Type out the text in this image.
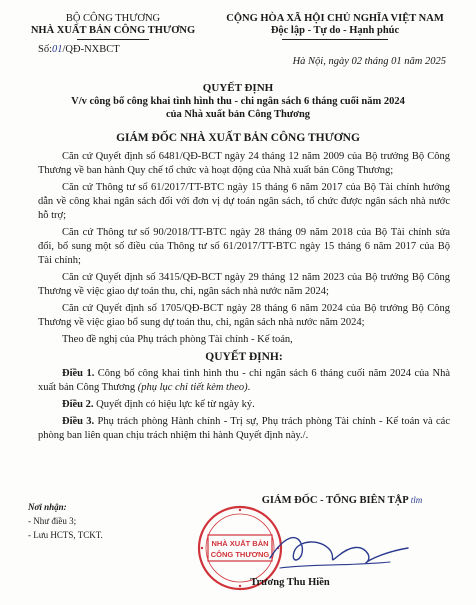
BỘ CÔNG THƯƠNG
NHÀ XUẤT BẢN CÔNG THƯƠNG
CỘNG HÒA XÃ HỘI CHỦ NGHĨA VIỆT NAM
Độc lập - Tự do - Hạnh phúc
Số:01/QĐ-NXBCT
Hà Nội, ngày 02 tháng 01 năm 2025
QUYẾT ĐỊNH
V/v công bố công khai tình hình thu - chi ngân sách 6 tháng cuối năm 2024
của Nhà xuất bản Công Thương
GIÁM ĐỐC NHÀ XUẤT BẢN CÔNG THƯƠNG

Căn cứ Quyết định số 6481/QĐ-BCT ngày 24 tháng 12 năm 2009 của Bộ trưởng Bộ Công Thương về ban hành Quy chế tổ chức và hoạt động của Nhà xuất bản Công Thương;

Căn cứ Thông tư số 61/2017/TT-BTC ngày 15 tháng 6 năm 2017 của Bộ Tài chính hướng dẫn về công khai ngân sách đối với đơn vị dự toán ngân sách, tổ chức được ngân sách nhà nước hỗ trợ;

Căn cứ Thông tư số 90/2018/TT-BTC ngày 28 tháng 09 năm 2018 của Bộ Tài chính sửa đổi, bổ sung một số điều của Thông tư số 61/2017/TT-BTC ngày 15 tháng 6 năm 2017 của Bộ Tài chính;

Căn cứ Quyết định số 3415/QĐ-BCT ngày 29 tháng 12 năm 2023 của Bộ trưởng Bộ Công Thương về việc giao dự toán thu, chi, ngân sách nhà nước năm 2024;

Căn cứ Quyết định số 1705/QĐ-BCT ngày 28 tháng 6 năm 2024 của Bộ trưởng Bộ Công Thương về việc giao bổ sung dự toán thu, chi, ngân sách nhà nước năm 2024;

Theo đề nghị của Phụ trách phòng Tài chính - Kế toán,

QUYẾT ĐỊNH:

Điều 1. Công bố công khai tình hình thu - chi ngân sách 6 tháng cuối năm 2024 của Nhà xuất bản Công Thương (phụ lục chi tiết kèm theo).

Điều 2. Quyết định có hiệu lực kể từ ngày ký.

Điều 3. Phụ trách phòng Hành chính - Trị sự, Phụ trách phòng Tài chính - Kế toán và các phòng ban liên quan chịu trách nhiệm thi hành Quyết định này./.

Nơi nhận:
- Như điều 3;
- Lưu HCTS, TCKT.
NHÀ XUẤT BẢN
CÔNG THƯƠNG
GIÁM ĐỐC - TỔNG BIÊN TẬP tlm
Trương Thu Hiền
